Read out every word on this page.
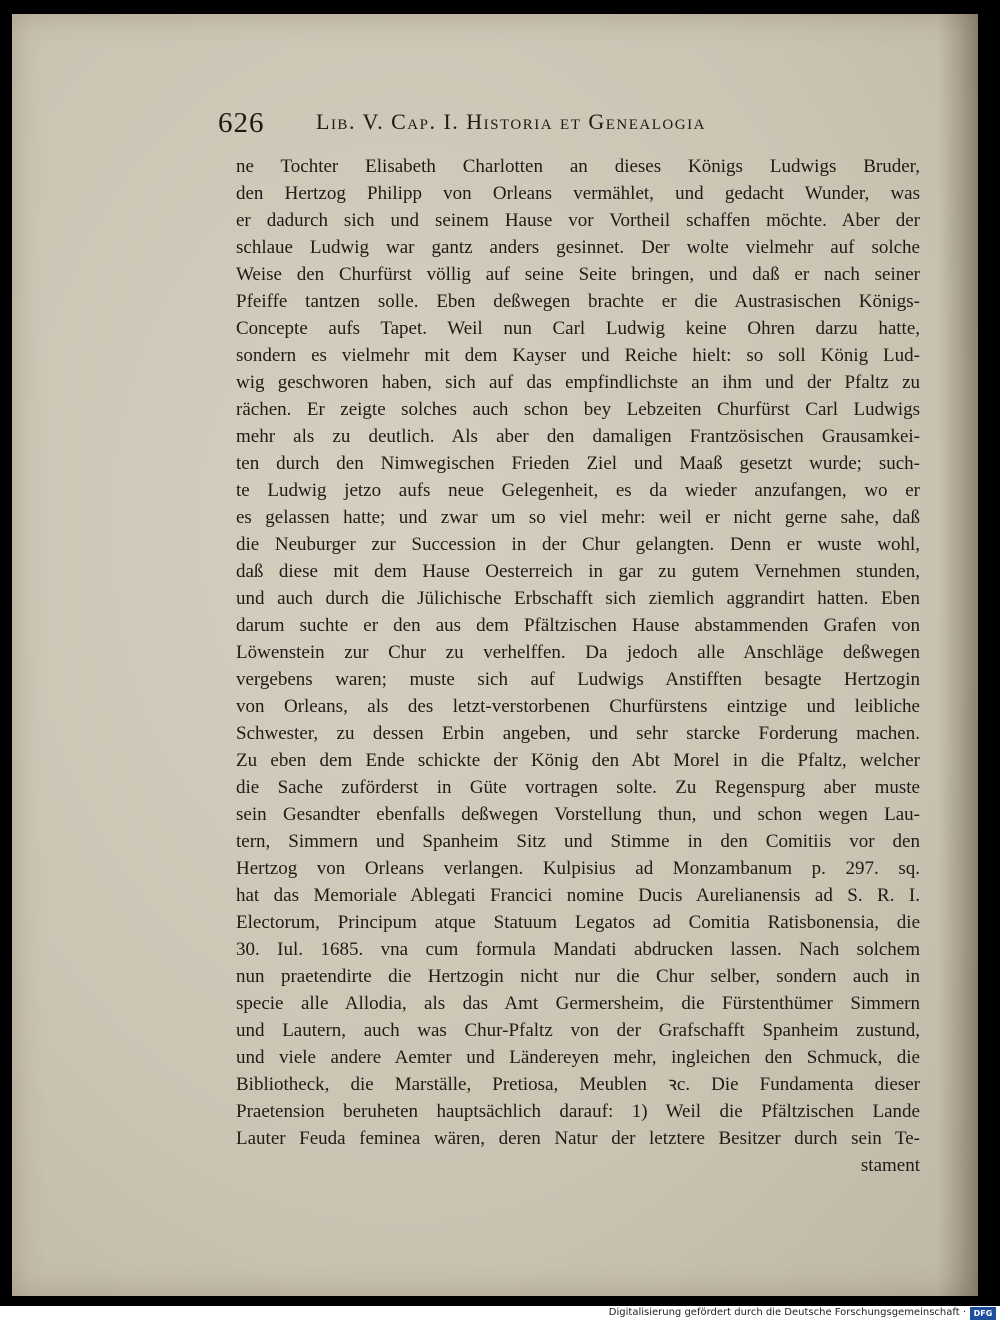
626 Lib. V. Cap. I. Historia et Genealogia
ne Tochter Elisabeth Charlotten an dieses Königs Ludwigs Bruder,
den Hertzog Philipp von Orleans vermählet, und gedacht Wunder, was
er dadurch sich und seinem Hause vor Vortheil schaffen möchte. Aber der
schlaue Ludwig war gantz anders gesinnet. Der wolte vielmehr auf solche
Weise den Churfürst völlig auf seine Seite bringen, und daß er nach seiner
Pfeiffe tantzen solle. Eben deßwegen brachte er die Austrasischen Königs-
Concepte aufs Tapet. Weil nun Carl Ludwig keine Ohren darzu hatte,
sondern es vielmehr mit dem Kayser und Reiche hielt: so soll König Lud-
wig geschworen haben, sich auf das empfindlichste an ihm und der Pfaltz zu
rächen. Er zeigte solches auch schon bey Lebzeiten Churfürst Carl Ludwigs
mehr als zu deutlich. Als aber den damaligen Frantzösischen Grausamkei-
ten durch den Nimwegischen Frieden Ziel und Maaß gesetzt wurde; such-
te Ludwig jetzo aufs neue Gelegenheit, es da wieder anzufangen, wo er
es gelassen hatte; und zwar um so viel mehr: weil er nicht gerne sahe, daß
die Neuburger zur Succession in der Chur gelangten. Denn er wuste wohl,
daß diese mit dem Hause Oesterreich in gar zu gutem Vernehmen stunden,
und auch durch die Jülichische Erbschafft sich ziemlich aggrandirt hatten. Eben
darum suchte er den aus dem Pfältzischen Hause abstammenden Grafen von
Löwenstein zur Chur zu verhelffen. Da jedoch alle Anschläge deßwegen
vergebens waren; muste sich auf Ludwigs Anstifften besagte Hertzogin
von Orleans, als des letzt-verstorbenen Churfürstens eintzige und leibliche
Schwester, zu dessen Erbin angeben, und sehr starcke Forderung machen.
Zu eben dem Ende schickte der König den Abt Morel in die Pfaltz, welcher
die Sache zuförderst in Güte vortragen solte. Zu Regenspurg aber muste
sein Gesandter ebenfalls deßwegen Vorstellung thun, und schon wegen Lau-
tern, Simmern und Spanheim Sitz und Stimme in den Comitiis vor den
Hertzog von Orleans verlangen. Kulpisius ad Monzambanum p. 297. sq.
hat das Memoriale Ablegati Francici nomine Ducis Aurelianensis ad S. R. I.
Electorum, Principum atque Statuum Legatos ad Comitia Ratisbonensia, die
30. Iul. 1685. vna cum formula Mandati abdrucken lassen. Nach solchem
nun praetendirte die Hertzogin nicht nur die Chur selber, sondern auch in
specie alle Allodia, als das Amt Germersheim, die Fürstenthümer Simmern
und Lautern, auch was Chur-Pfaltz von der Grafschafft Spanheim zustund,
und viele andere Aemter und Ländereyen mehr, ingleichen den Schmuck, die
Bibliotheck, die Marställe, Pretiosa, Meublen ꝛc. Die Fundamenta dieser
Praetension beruheten hauptsächlich darauf: 1) Weil die Pfältzischen Lande
Lauter Feuda feminea wären, deren Natur der letztere Besitzer durch sein Te-
stament
Digitalisierung gefördert durch die Deutsche Forschungsgemeinschaft · DFG
